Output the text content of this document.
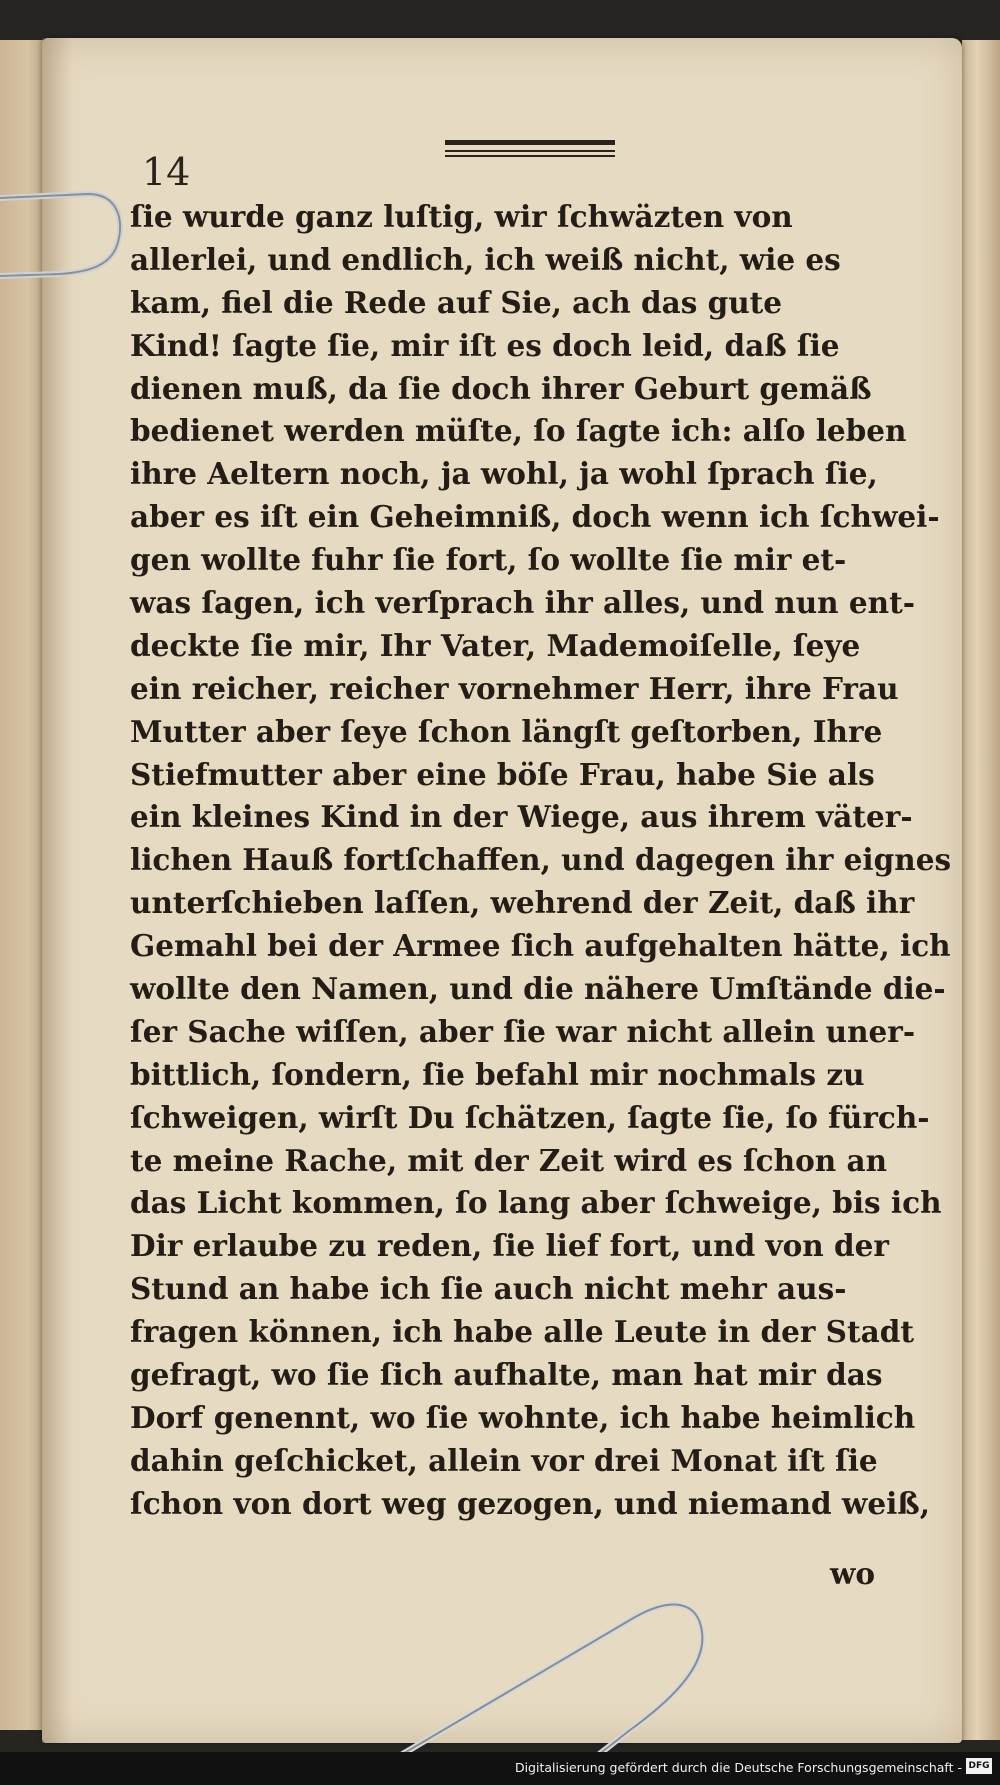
14
ſie wurde ganz luſtig, wir ſchwäzten von
allerlei, und endlich, ich weiß nicht, wie es
kam, fiel die Rede auf Sie, ach das gute
Kind! ſagte ſie, mir iſt es doch leid, daß ſie
dienen muß, da ſie doch ihrer Geburt gemäß
bedienet werden müſte, ſo ſagte ich: alſo leben
ihre Aeltern noch, ja wohl, ja wohl ſprach ſie,
aber es iſt ein Geheimniß, doch wenn ich ſchwei-
gen wollte fuhr ſie fort, ſo wollte ſie mir et-
was ſagen, ich verſprach ihr alles, und nun ent-
deckte ſie mir, Ihr Vater, Mademoiſelle, ſeye
ein reicher, reicher vornehmer Herr, ihre Frau
Mutter aber ſeye ſchon längſt geſtorben, Ihre
Stiefmutter aber eine böſe Frau, habe Sie als
ein kleines Kind in der Wiege, aus ihrem väter-
lichen Hauß fortſchaffen, und dagegen ihr eignes
unterſchieben laſſen, wehrend der Zeit, daß ihr
Gemahl bei der Armee ſich aufgehalten hätte, ich
wollte den Namen, und die nähere Umſtände die-
ſer Sache wiſſen, aber ſie war nicht allein uner-
bittlich, ſondern, ſie befahl mir nochmals zu
ſchweigen, wirſt Du ſchätzen, ſagte ſie, ſo fürch-
te meine Rache, mit der Zeit wird es ſchon an
das Licht kommen, ſo lang aber ſchweige, bis ich
Dir erlaube zu reden, ſie lief fort, und von der
Stund an habe ich ſie auch nicht mehr aus-
fragen können, ich habe alle Leute in der Stadt
gefragt, wo ſie ſich aufhalte, man hat mir das
Dorf genennt, wo ſie wohnte, ich habe heimlich
dahin geſchicket, allein vor drei Monat iſt ſie
ſchon von dort weg gezogen, und niemand weiß,
wo
Digitalisierung gefördert durch die Deutsche Forschungsgemeinschaft - DFG
